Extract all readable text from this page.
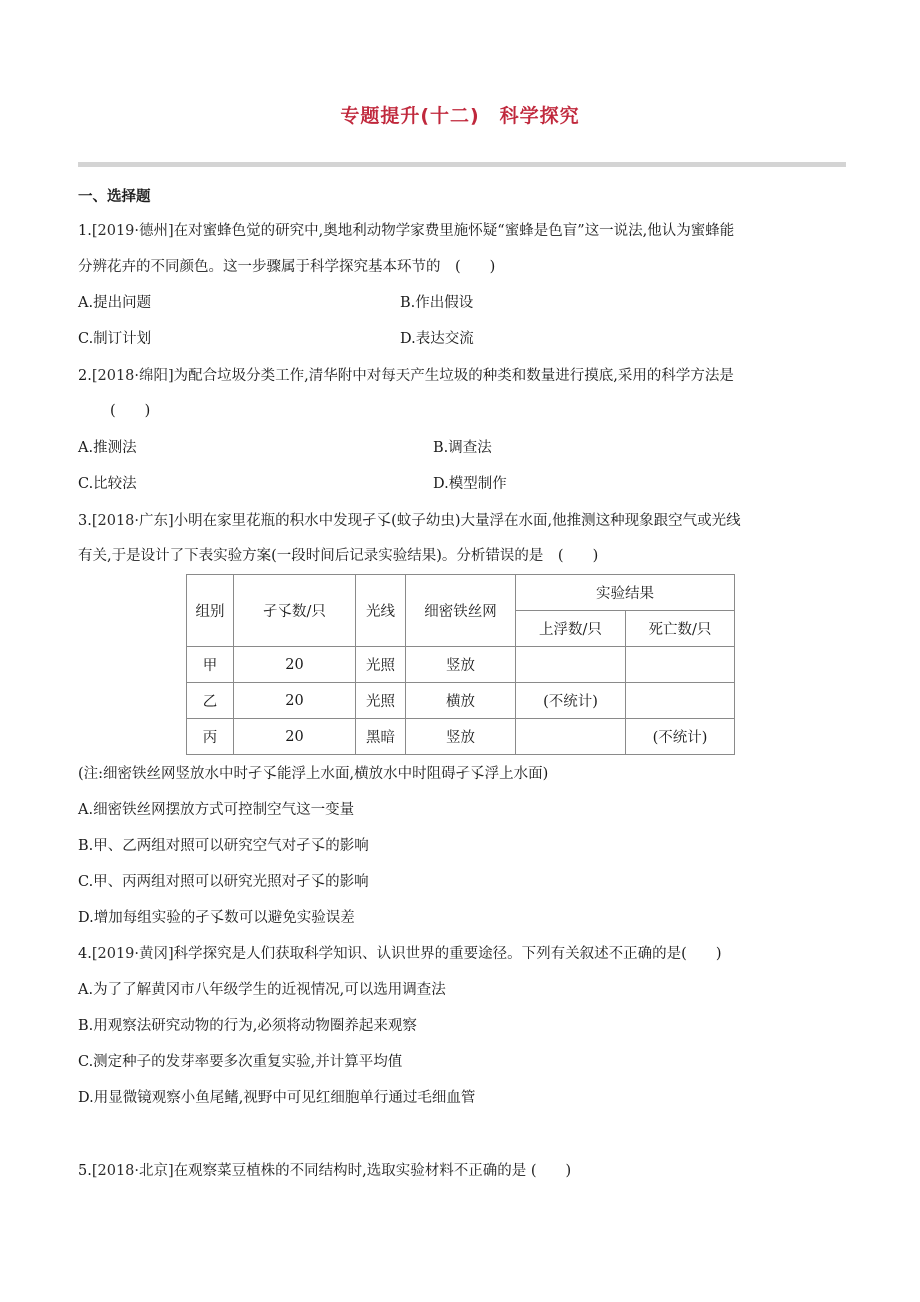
专题提升(十二)　科学探究
一、选择题
1.[2019·德州]在对蜜蜂色觉的研究中,奥地利动物学家费里施怀疑“蜜蜂是色盲”这一说法,他认为蜜蜂能
分辨花卉的不同颜色。这一步骤属于科学探究基本环节的　(　　)
A.提出问题	B.作出假设
C.制订计划	D.表达交流
2.[2018·绵阳]为配合垃圾分类工作,清华附中对每天产生垃圾的种类和数量进行摸底,采用的科学方法是
(　　)
A.推测法	B.调查法
C.比较法	D.模型制作
3.[2018·广东]小明在家里花瓶的积水中发现孑孓(蚊子幼虫)大量浮在水面,他推测这种现象跟空气或光线
有关,于是设计了下表实验方案(一段时间后记录实验结果)。分析错误的是　(　　)
组别	孑孓数/只	光线	细密铁丝网	实验结果	
				上浮数/只	死亡数/只
甲	20	光照	竖放		
乙	20	光照	横放	(不统计)	
丙	20	黑暗	竖放		(不统计)
(注:细密铁丝网竖放水中时孑孓能浮上水面,横放水中时阻碍孑孓浮上水面)
A.细密铁丝网摆放方式可控制空气这一变量
B.甲、乙两组对照可以研究空气对孑孓的影响
C.甲、丙两组对照可以研究光照对孑孓的影响
D.增加每组实验的孑孓数可以避免实验误差
4.[2019·黄冈]科学探究是人们获取科学知识、认识世界的重要途径。下列有关叙述不正确的是(　　)
A.为了了解黄冈市八年级学生的近视情况,可以选用调查法
B.用观察法研究动物的行为,必须将动物圈养起来观察
C.测定种子的发芽率要多次重复实验,并计算平均值
D.用显微镜观察小鱼尾鳍,视野中可见红细胞单行通过毛细血管
5.[2018·北京]在观察菜豆植株的不同结构时,选取实验材料不正确的是 (　　)
